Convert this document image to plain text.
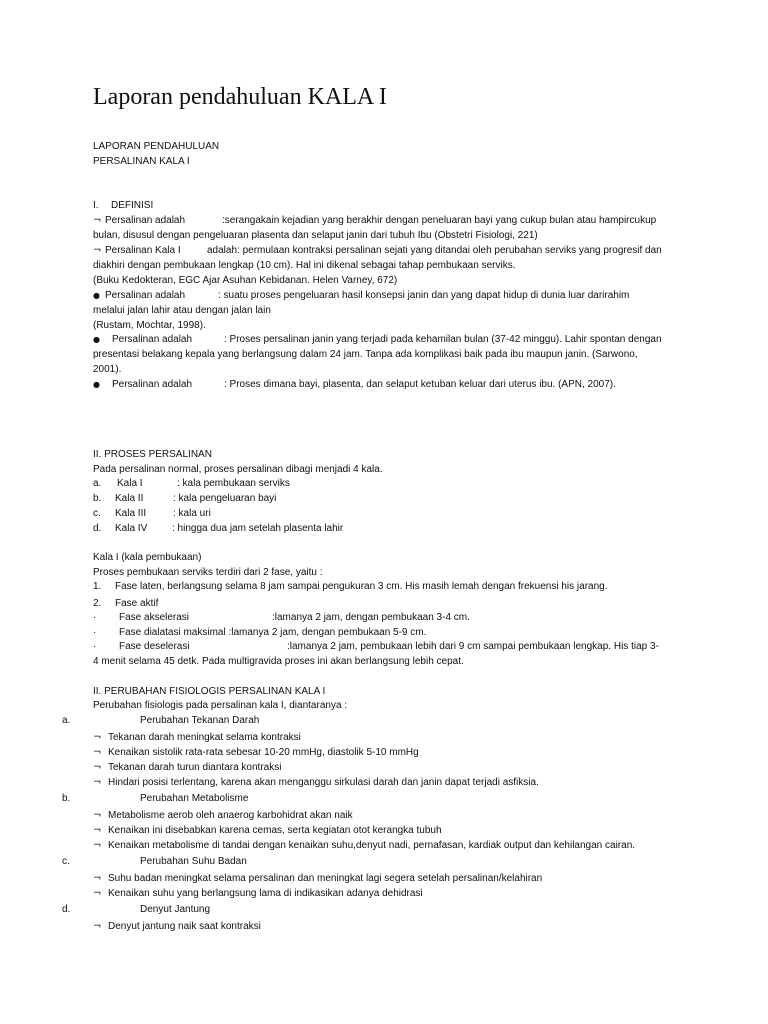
Laporan pendahuluan KALA I
LAPORAN PENDAHULUAN
PERSALINAN KALA I
I. DEFINISI
¬ Persalinan adalah	:serangakain kejadian yang berakhir dengan peneluaran bayi yang cukup bulan atau hampircukup
bulan, disusul dengan pengeluaran plasenta dan selaput janin dari tubuh Ibu (Obstetri Fisiologi, 221)
¬ Persalinan Kala I	adalah: permulaan kontraksi persalinan sejati yang ditandai oleh perubahan serviks yang progresif dan
diakhiri dengan pembukaan lengkap (10 cm). Hal ini dikenal sebagai tahap pembukaan serviks.
(Buku Kedokteran, EGC Ajar Asuhan Kebidanan. Helen Varney, 672)
● Persalinan adalah	: suatu proses pengeluaran hasil konsepsi janin dan yang dapat hidup di dunia luar darirahim
melalui jalan lahir atau dengan jalan lain
(Rustam, Mochtar, 1998).
● Persalinan adalah	: Proses persalinan janin yang terjadi pada kehamilan bulan (37-42 minggu). Lahir spontan dengan
presentasi belakang kepala yang berlangsung dalam 24 jam. Tanpa ada komplikasi baik pada ibu maupun janin. (Sarwono,
2001).
● Persalinan adalah	: Proses dimana bayi, plasenta, dan selaput ketuban keluar dari uterus ibu. (APN, 2007).
II. PROSES PERSALINAN
Pada persalinan normal, proses persalinan dibagi menjadi 4 kala.
a. Kala I	: kala pembukaan serviks
b. Kala II	: kala pengeluaran bayi
c. Kala III	: kala uri
d. Kala IV : hingga dua jam setelah plasenta lahir
Kala I (kala pembukaan)
Proses pembukaan serviks terdiri dari 2 fase, yaitu :
1. Fase laten, berlangsung selama 8 jam sampai pengukuran 3 cm. His masih lemah dengan frekuensi his jarang.
2. Fase aktif
· Fase akselerasi	:lamanya 2 jam, dengan pembukaan 3-4 cm.
· Fase dialatasi maksimal :lamanya 2 jam, dengan pembukaan 5-9 cm.
· Fase deselerasi	:lamanya 2 jam, pembukaan lebih dari 9 cm sampai pembukaan lengkap. His tiap 3-
4 menit selama 45 detk. Pada multigravida proses ini akan berlangsung lebih cepat.
II. PERUBAHAN FISIOLOGIS PERSALINAN KALA I
Perubahan fisiologis pada persalinan kala I, diantaranya :
a.	Perubahan Tekanan Darah
¬ Tekanan darah meningkat selama kontraksi
¬ Kenaikan sistolik rata-rata sebesar 10-20 mmHg, diastolik 5-10 mmHg
¬ Tekanan darah turun diantara kontraksi
¬ Hindari posisi terlentang, karena akan menganggu sirkulasi darah dan janin dapat terjadi asfiksia.
b.	Perubahan Metabolisme
¬ Metabolisme aerob oleh anaerog karbohidrat akan naik
¬ Kenaikan ini disebabkan karena cemas, serta kegiatan otot kerangka tubuh
¬ Kenaikan metabolisme di tandai dengan kenaikan suhu,denyut nadi, pernafasan, kardiak output dan kehilangan cairan.
c.	Perubahan Suhu Badan
¬ Suhu badan meningkat selama persalinan dan meningkat lagi segera setelah persalinan/kelahiran
¬ Kenaikan suhu yang berlangsung lama di indikasikan adanya dehidrasi
d.	Denyut Jantung
¬ Denyut jantung naik saat kontraksi
